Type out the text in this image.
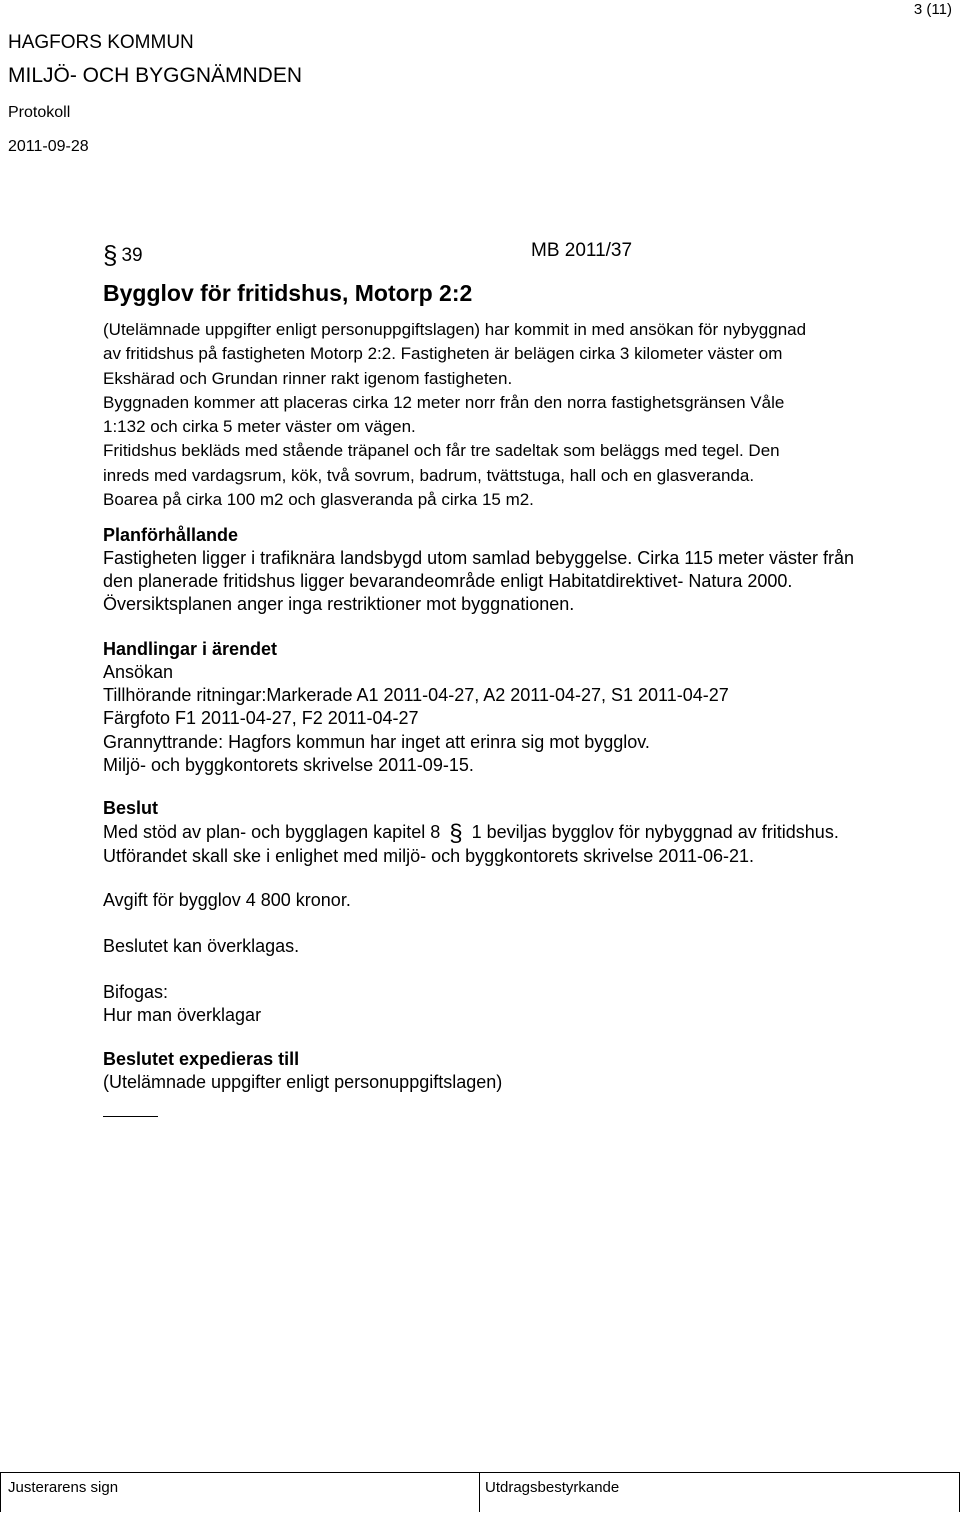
3 (11)
HAGFORS KOMMUN
MILJÖ- OCH BYGGNÄMNDEN
Protokoll
2011-09-28
§ 39	MB 2011/37
Bygglov för fritidshus, Motorp 2:2
(Utelämnade uppgifter enligt personuppgiftslagen) har kommit in med ansökan för nybyggnad
av fritidshus på fastigheten Motorp 2:2. Fastigheten är belägen cirka 3 kilometer väster om
Ekshärad och Grundan rinner rakt igenom fastigheten.
Byggnaden kommer att placeras cirka 12 meter norr från den norra fastighetsgränsen Våle
1:132 och cirka 5 meter väster om vägen.
Fritidshus bekläds med stående träpanel och får tre sadeltak som beläggs med tegel. Den
inreds med vardagsrum, kök, två sovrum, badrum, tvättstuga, hall och en glasveranda.
Boarea på cirka 100 m2 och glasveranda på cirka 15 m2.
Planförhållande
Fastigheten ligger i trafiknära landsbygd utom samlad bebyggelse. Cirka 115 meter väster från
den planerade fritidshus ligger bevarandeområde enligt Habitatdirektivet- Natura 2000.
Översiktsplanen anger inga restriktioner mot byggnationen.
Handlingar i ärendet
Ansökan
Tillhörande ritningar:Markerade A1 2011-04-27, A2 2011-04-27, S1 2011-04-27
Färgfoto F1 2011-04-27, F2 2011-04-27
Grannyttrande: Hagfors kommun har inget att erinra sig mot bygglov.
Miljö- och byggkontorets skrivelse 2011-09-15.
Beslut
Med stöd av plan- och bygglagen kapitel 8 § 1 beviljas bygglov för nybyggnad av fritidshus.
Utförandet skall ske i enlighet med miljö- och byggkontorets skrivelse 2011-06-21.
Avgift för bygglov 4 800 kronor.
Beslutet kan överklagas.
Bifogas:
Hur man överklagar
Beslutet expedieras till
(Utelämnade uppgifter enligt personuppgiftslagen)
Justerarens sign	Utdragsbestyrkande
